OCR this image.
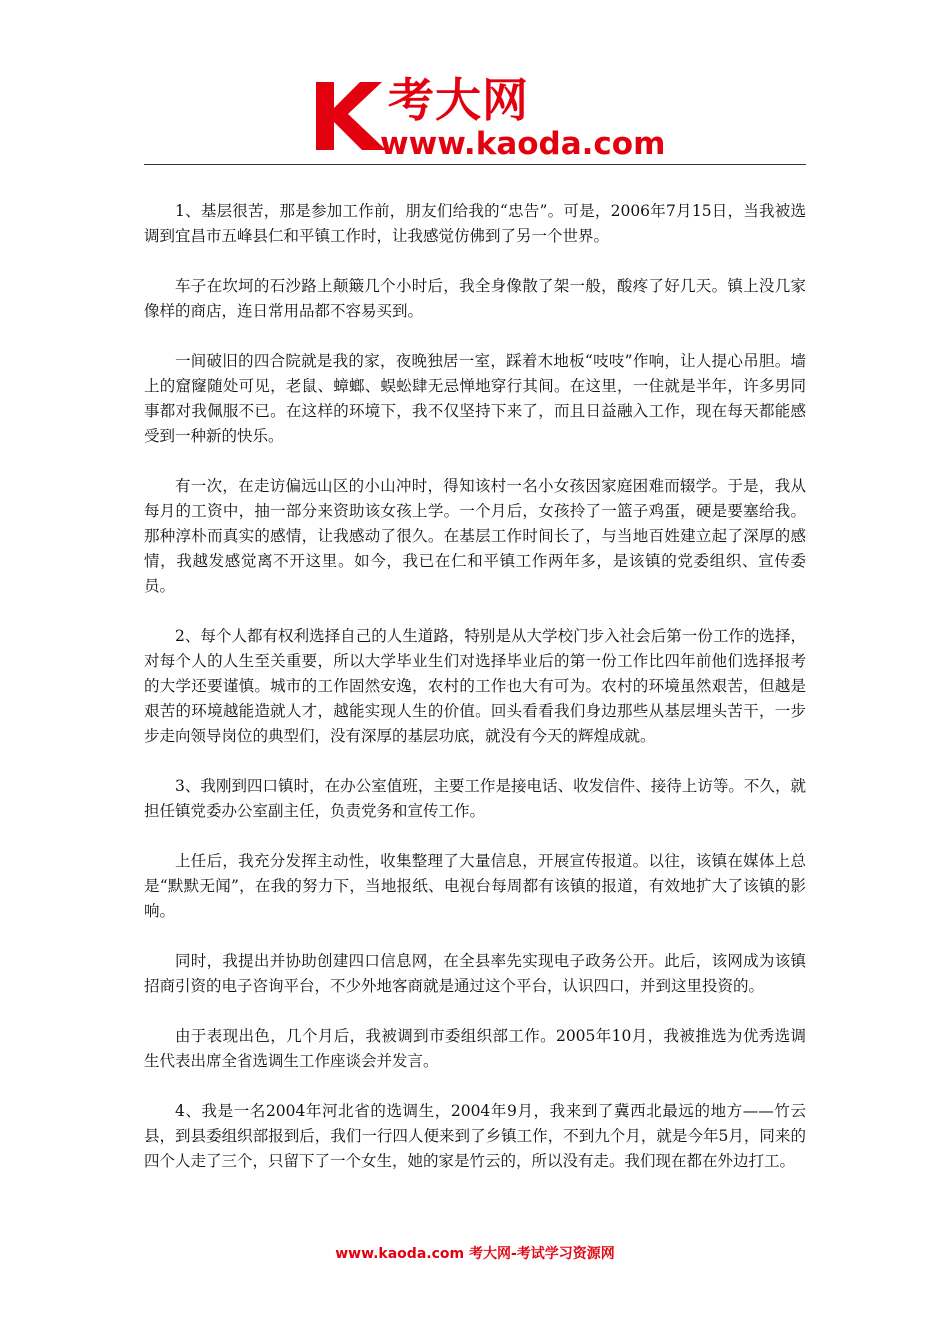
考大网
www.kaoda.com

1、基层很苦，那是参加工作前，朋友们给我的“忠告”。可是，2006年7月15日，当我被选调到宜昌市五峰县仁和平镇工作时，让我感觉仿佛到了另一个世界。

车子在坎坷的石沙路上颠簸几个小时后，我全身像散了架一般，酸疼了好几天。镇上没几家像样的商店，连日常用品都不容易买到。

一间破旧的四合院就是我的家，夜晚独居一室，踩着木地板“吱吱”作响，让人提心吊胆。墙上的窟窿随处可见，老鼠、蟑螂、蜈蚣肆无忌惮地穿行其间。在这里，一住就是半年，许多男同事都对我佩服不已。在这样的环境下，我不仅坚持下来了，而且日益融入工作，现在每天都能感受到一种新的快乐。

有一次，在走访偏远山区的小山冲时，得知该村一名小女孩因家庭困难而辍学。于是，我从每月的工资中，抽一部分来资助该女孩上学。一个月后，女孩拎了一篮子鸡蛋，硬是要塞给我。那种淳朴而真实的感情，让我感动了很久。在基层工作时间长了，与当地百姓建立起了深厚的感情，我越发感觉离不开这里。如今，我已在仁和平镇工作两年多，是该镇的党委组织、宣传委员。

2、每个人都有权利选择自己的人生道路，特别是从大学校门步入社会后第一份工作的选择，对每个人的人生至关重要，所以大学毕业生们对选择毕业后的第一份工作比四年前他们选择报考的大学还要谨慎。城市的工作固然安逸，农村的工作也大有可为。农村的环境虽然艰苦，但越是艰苦的环境越能造就人才，越能实现人生的价值。回头看看我们身边那些从基层埋头苦干，一步步走向领导岗位的典型们，没有深厚的基层功底，就没有今天的辉煌成就。

3、我刚到四口镇时，在办公室值班，主要工作是接电话、收发信件、接待上访等。不久，就担任镇党委办公室副主任，负责党务和宣传工作。

上任后，我充分发挥主动性，收集整理了大量信息，开展宣传报道。以往，该镇在媒体上总是“默默无闻”，在我的努力下，当地报纸、电视台每周都有该镇的报道，有效地扩大了该镇的影响。

同时，我提出并协助创建四口信息网，在全县率先实现电子政务公开。此后，该网成为该镇招商引资的电子咨询平台，不少外地客商就是通过这个平台，认识四口，并到这里投资的。

由于表现出色，几个月后，我被调到市委组织部工作。2005年10月，我被推选为优秀选调生代表出席全省选调生工作座谈会并发言。

4、我是一名2004年河北省的选调生，2004年9月，我来到了冀西北最远的地方——竹云县，到县委组织部报到后，我们一行四人便来到了乡镇工作，不到九个月，就是今年5月，同来的四个人走了三个，只留下了一个女生，她的家是竹云的，所以没有走。我们现在都在外边打工。

www.kaoda.com 考大网-考试学习资源网
